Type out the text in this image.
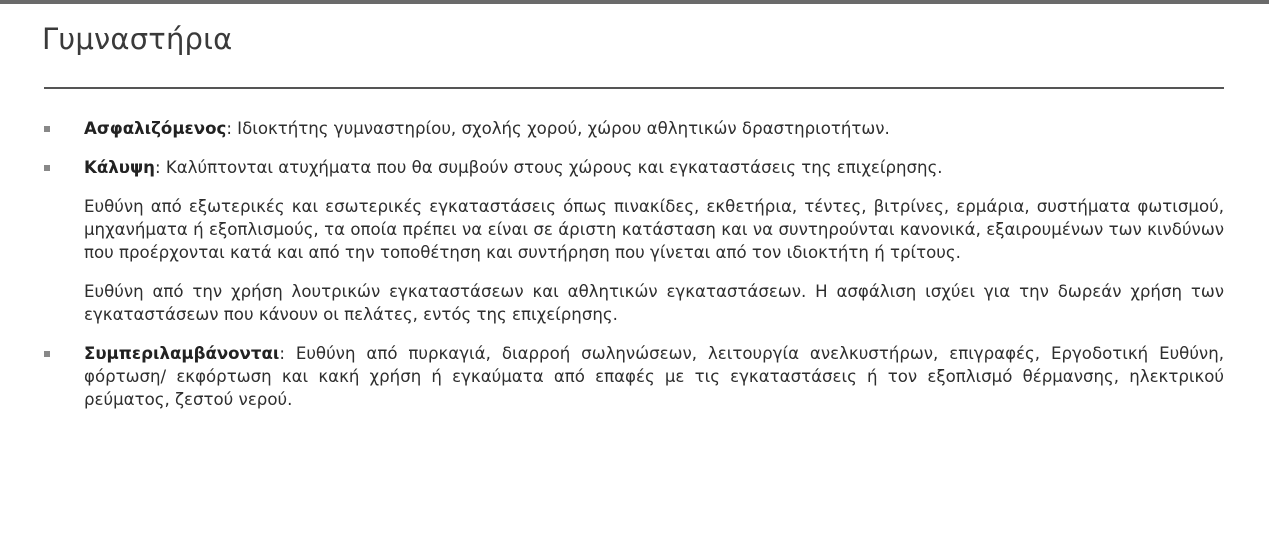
Γυμναστήρια
Ασφαλιζόμενος: Ιδιοκτήτης γυμναστηρίου, σχολής χορού, χώρου αθλητικών δραστηριοτήτων.
Κάλυψη: Καλύπτονται ατυχήματα που θα συμβούν στους χώρους και εγκαταστάσεις της επιχείρησης.

Ευθύνη από εξωτερικές και εσωτερικές εγκαταστάσεις όπως πινακίδες, εκθετήρια, τέντες, βιτρίνες, ερμάρια, συστήματα φωτισμού, μηχανήματα ή εξοπλισμούς, τα οποία πρέπει να είναι σε άριστη κατάσταση και να συντηρούνται κανονικά, εξαιρουμένων των κινδύνων που προέρχονται κατά και από την τοποθέτηση και συντήρηση που γίνεται από τον ιδιοκτήτη ή τρίτους.

Ευθύνη από την χρήση λουτρικών εγκαταστάσεων και αθλητικών εγκαταστάσεων. Η ασφάλιση ισχύει για την δωρεάν χρήση των εγκαταστάσεων που κάνουν οι πελάτες, εντός της επιχείρησης.

Συμπεριλαμβάνονται: Ευθύνη από πυρκαγιά, διαρροή σωληνώσεων, λειτουργία ανελκυστήρων, επιγραφές, Εργοδοτική Ευθύνη, φόρτωση/ εκφόρτωση και κακή χρήση ή εγκαύματα από επαφές με τις εγκαταστάσεις ή τον εξοπλισμό θέρμανσης, ηλεκτρικού ρεύματος, ζεστού νερού.
